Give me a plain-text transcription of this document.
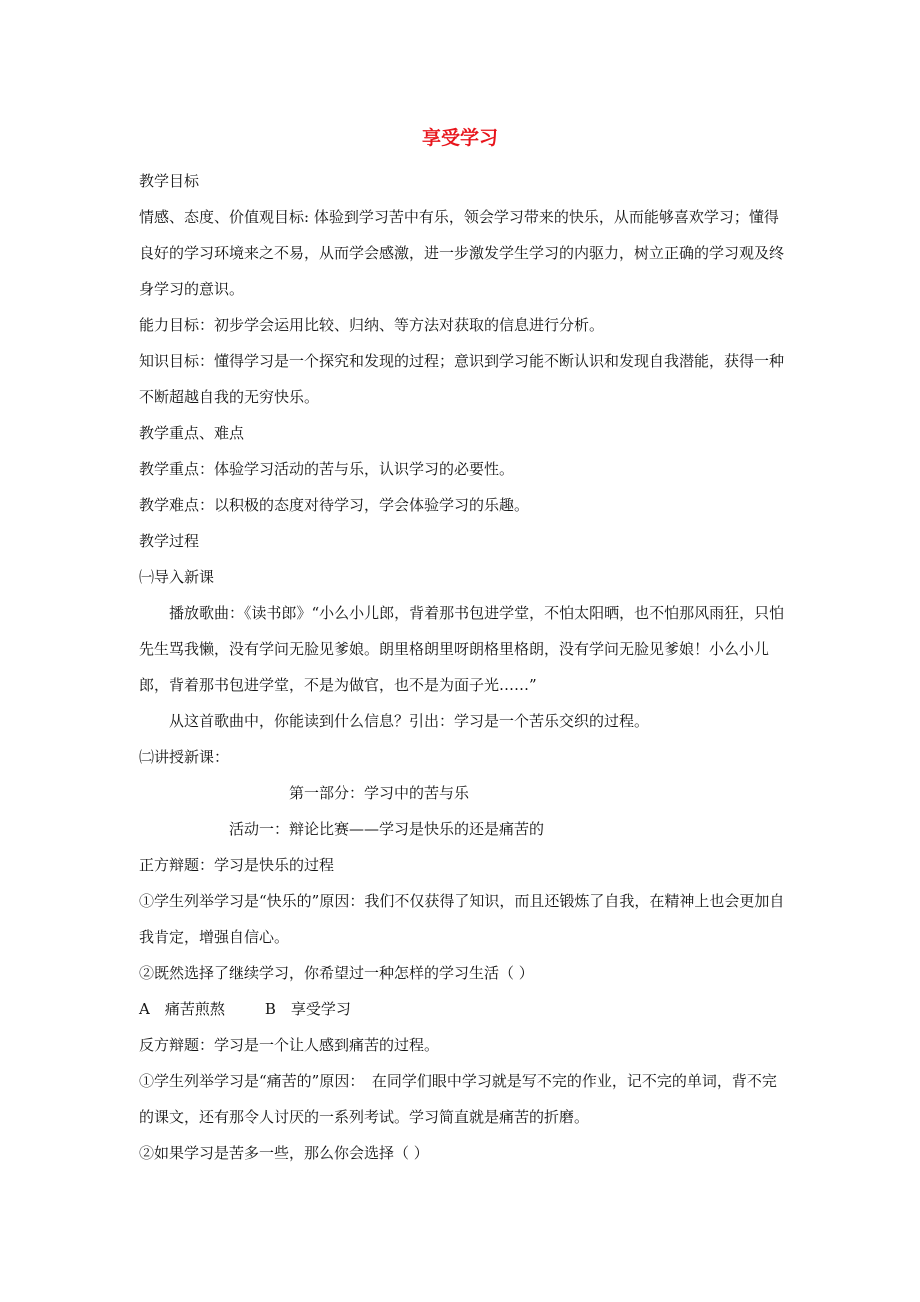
享受学习

教学目标

情感、态度、价值观目标: 体验到学习苦中有乐，领会学习带来的快乐，从而能够喜欢学习；懂得良好的学习环境来之不易，从而学会感激，进一步激发学生学习的内驱力，树立正确的学习观及终身学习的意识。

能力目标：初步学会运用比较、归纳、等方法对获取的信息进行分析。

知识目标：懂得学习是一个探究和发现的过程；意识到学习能不断认识和发现自我潜能，获得一种不断超越自我的无穷快乐。

教学重点、难点

教学重点：体验学习活动的苦与乐，认识学习的必要性。

教学难点：以积极的态度对待学习，学会体验学习的乐趣。

教学过程

㈠导入新课

播放歌曲：《读书郎》“小么小儿郎，背着那书包进学堂，不怕太阳晒，也不怕那风雨狂，只怕先生骂我懒，没有学问无脸见爹娘。朗里格朗里呀朗格里格朗，没有学问无脸见爹娘！小么小儿郎，背着那书包进学堂，不是为做官，也不是为面子光……”

从这首歌曲中，你能读到什么信息？引出：学习是一个苦乐交织的过程。

㈡讲授新课：

第一部分：学习中的苦与乐

活动一：辩论比赛——学习是快乐的还是痛苦的

正方辩题：学习是快乐的过程

①学生列举学习是“快乐的”原因：我们不仅获得了知识，而且还锻炼了自我，在精神上也会更加自我肯定，增强自信心。

②既然选择了继续学习，你希望过一种怎样的学习生活（ ）

A　痛苦煎熬	B　享受学习

反方辩题：学习是一个让人感到痛苦的过程。

①学生列举学习是“痛苦的”原因：　在同学们眼中学习就是写不完的作业，记不完的单词，背不完的课文，还有那令人讨厌的一系列考试。学习简直就是痛苦的折磨。

②如果学习是苦多一些，那么你会选择（ ）
